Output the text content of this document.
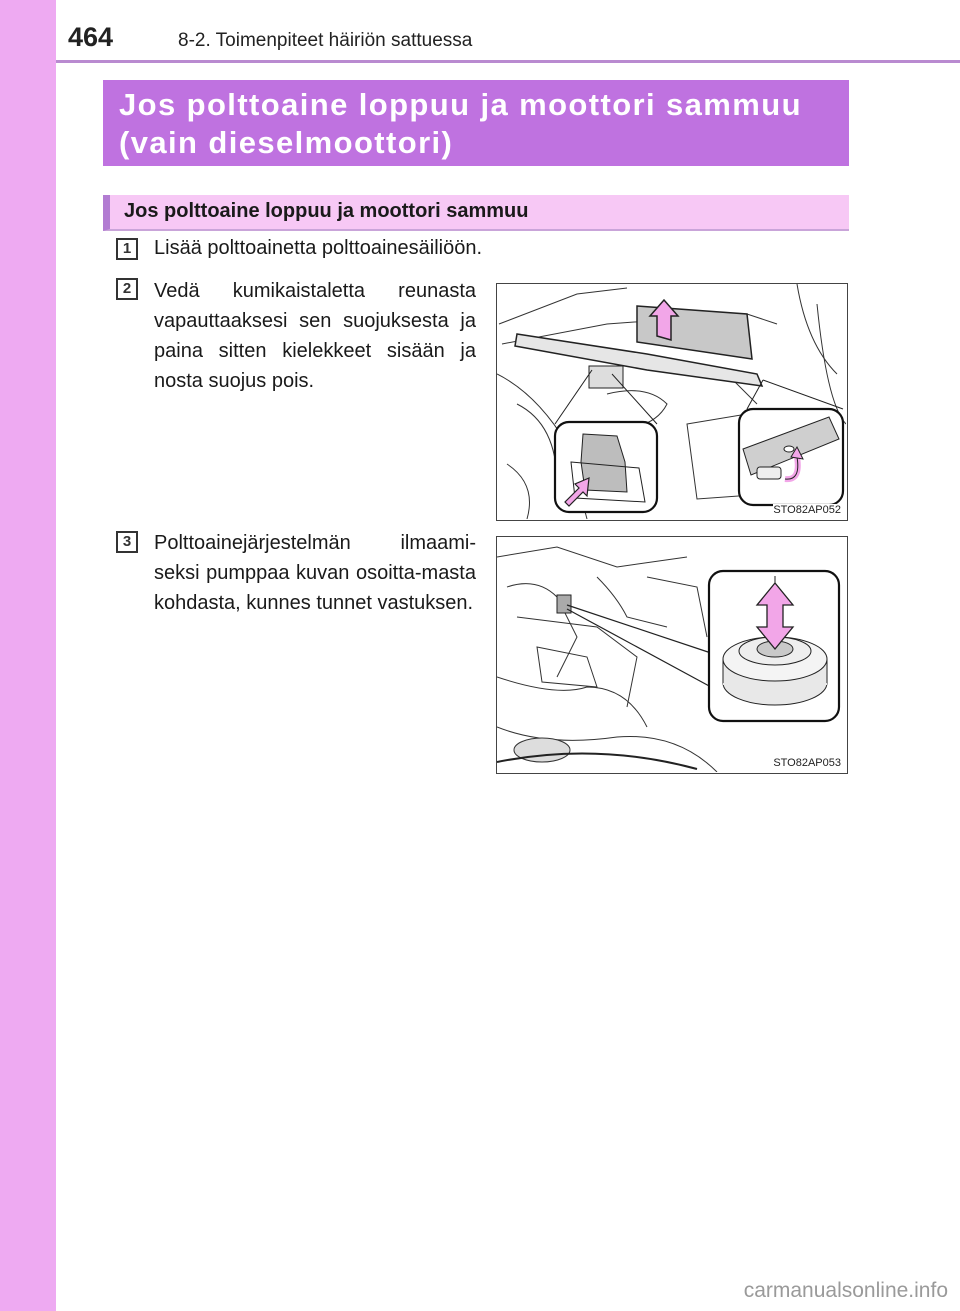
464	8-2. Toimenpiteet häiriön sattuessa
Jos polttoaine loppuu ja moottori sammuu
(vain dieselmoottori)
Jos polttoaine loppuu ja moottori sammuu
1	Lisää polttoainetta polttoainesäiliöön.
2	Vedä kumikaistaletta reunasta vapauttaaksesi sen suojuksesta ja paina sitten kielekkeet sisään ja nosta suojus pois.
3	Polttoainejärjestelmän ilmaami-seksi pumppaa kuvan osoitta-masta kohdasta, kunnes tunnet vastuksen.
STO82AP052
STO82AP053
carmanualsonline.info
